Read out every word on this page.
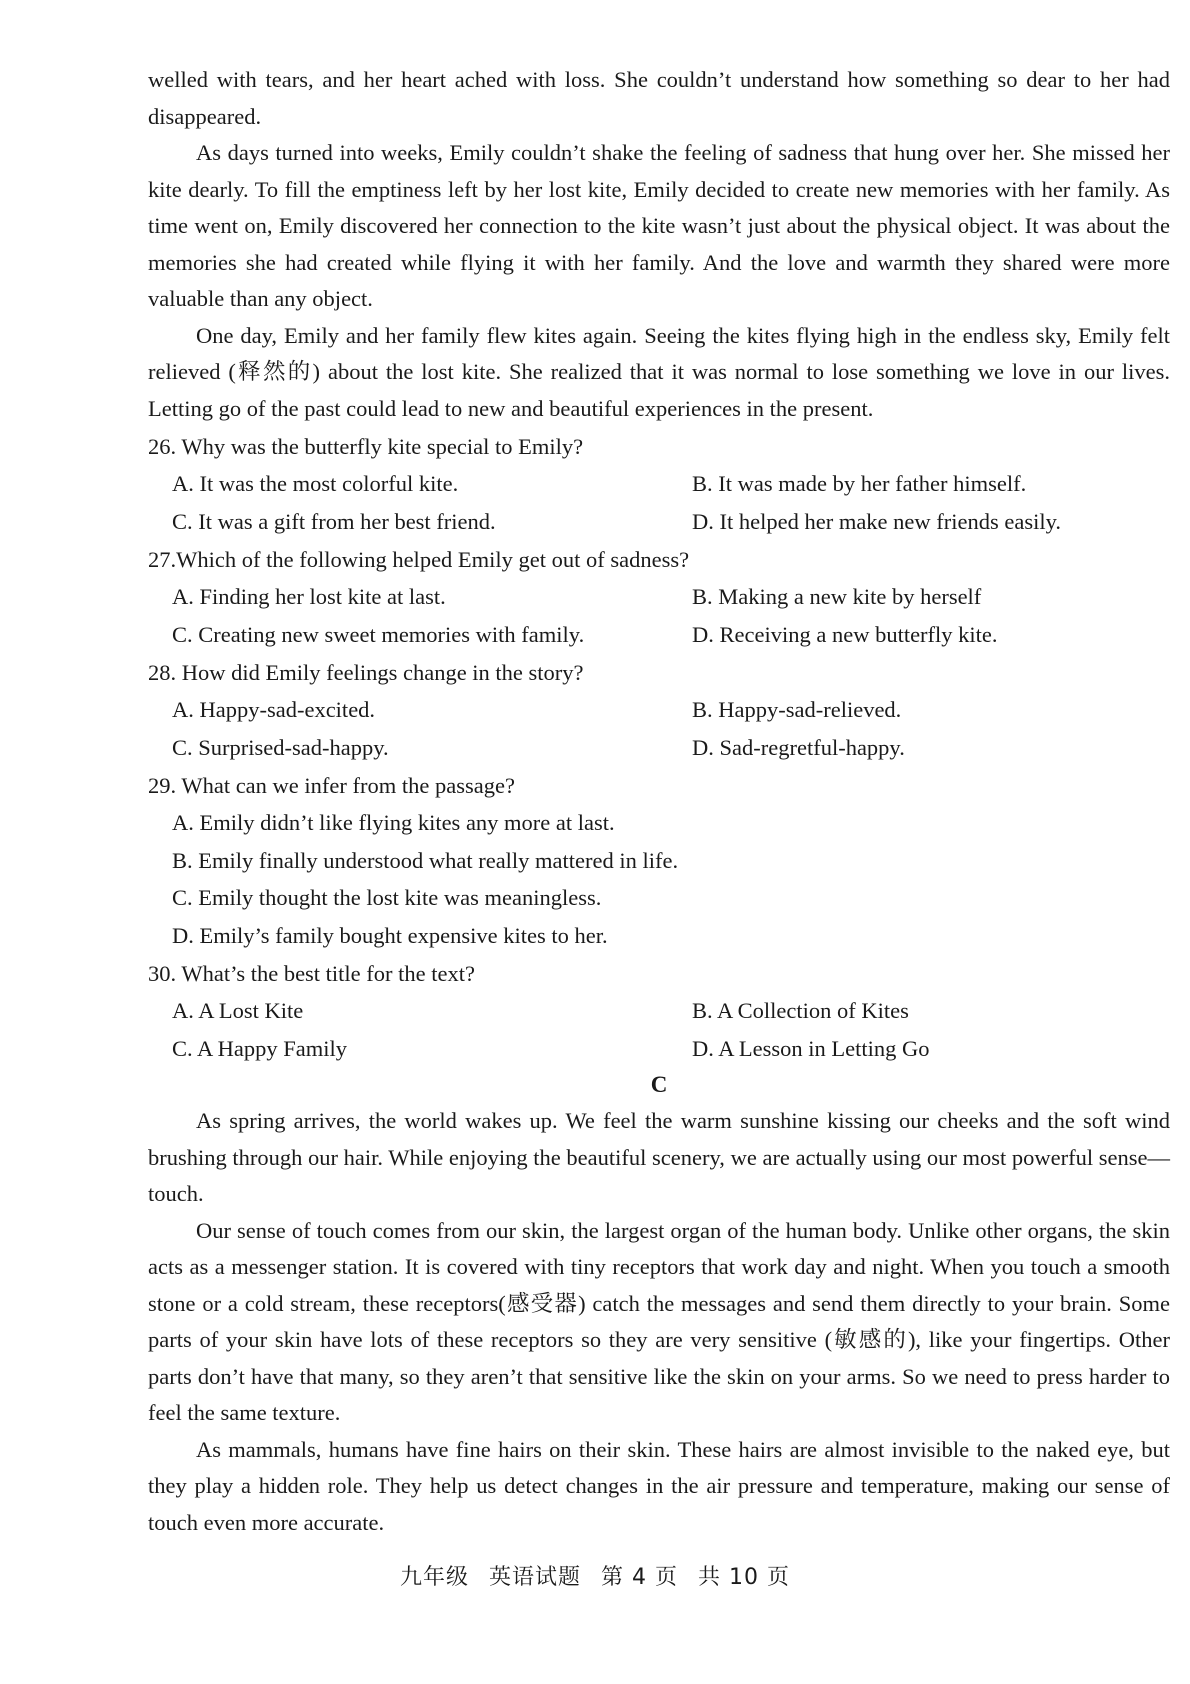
welled with tears, and her heart ached with loss. She couldn’t understand how something so dear to her had disappeared.

As days turned into weeks, Emily couldn’t shake the feeling of sadness that hung over her. She missed her kite dearly. To fill the emptiness left by her lost kite, Emily decided to create new memories with her family. As time went on, Emily discovered her connection to the kite wasn’t just about the physical object. It was about the memories she had created while flying it with her family. And the love and warmth they shared were more valuable than any object.

One day, Emily and her family flew kites again. Seeing the kites flying high in the endless sky, Emily felt relieved (释然的) about the lost kite. She realized that it was normal to lose something we love in our lives. Letting go of the past could lead to new and beautiful experiences in the present.

26. Why was the butterfly kite special to Emily?

A. It was the most colorful kite.	B. It was made by her father himself.
C. It was a gift from her best friend.	D. It helped her make new friends easily.

27.Which of the following helped Emily get out of sadness?

A. Finding her lost kite at last.	B. Making a new kite by herself
C. Creating new sweet memories with family.	D. Receiving a new butterfly kite.

28. How did Emily feelings change in the story?

A. Happy-sad-excited.	B. Happy-sad-relieved.
C. Surprised-sad-happy.	D. Sad-regretful-happy.

29. What can we infer from the passage?

A. Emily didn’t like flying kites any more at last.
B. Emily finally understood what really mattered in life.
C. Emily thought the lost kite was meaningless.
D. Emily’s family bought expensive kites to her.

30. What’s the best title for the text?

A. A Lost Kite	B. A Collection of Kites
C. A Happy Family	D. A Lesson in Letting Go

C

As spring arrives, the world wakes up. We feel the warm sunshine kissing our cheeks and the soft wind brushing through our hair. While enjoying the beautiful scenery, we are actually using our most powerful sense—touch.

Our sense of touch comes from our skin, the largest organ of the human body. Unlike other organs, the skin acts as a messenger station. It is covered with tiny receptors that work day and night. When you touch a smooth stone or a cold stream, these receptors(感受器) catch the messages and send them directly to your brain. Some parts of your skin have lots of these receptors so they are very sensitive (敏感的), like your fingertips. Other parts don’t have that many, so they aren’t that sensitive like the skin on your arms. So we need to press harder to feel the same texture.

As mammals, humans have fine hairs on their skin. These hairs are almost invisible to the naked eye, but they play a hidden role. They help us detect changes in the air pressure and temperature, making our sense of touch even more accurate.

九年级 英语试题 第 4 页 共 10 页
